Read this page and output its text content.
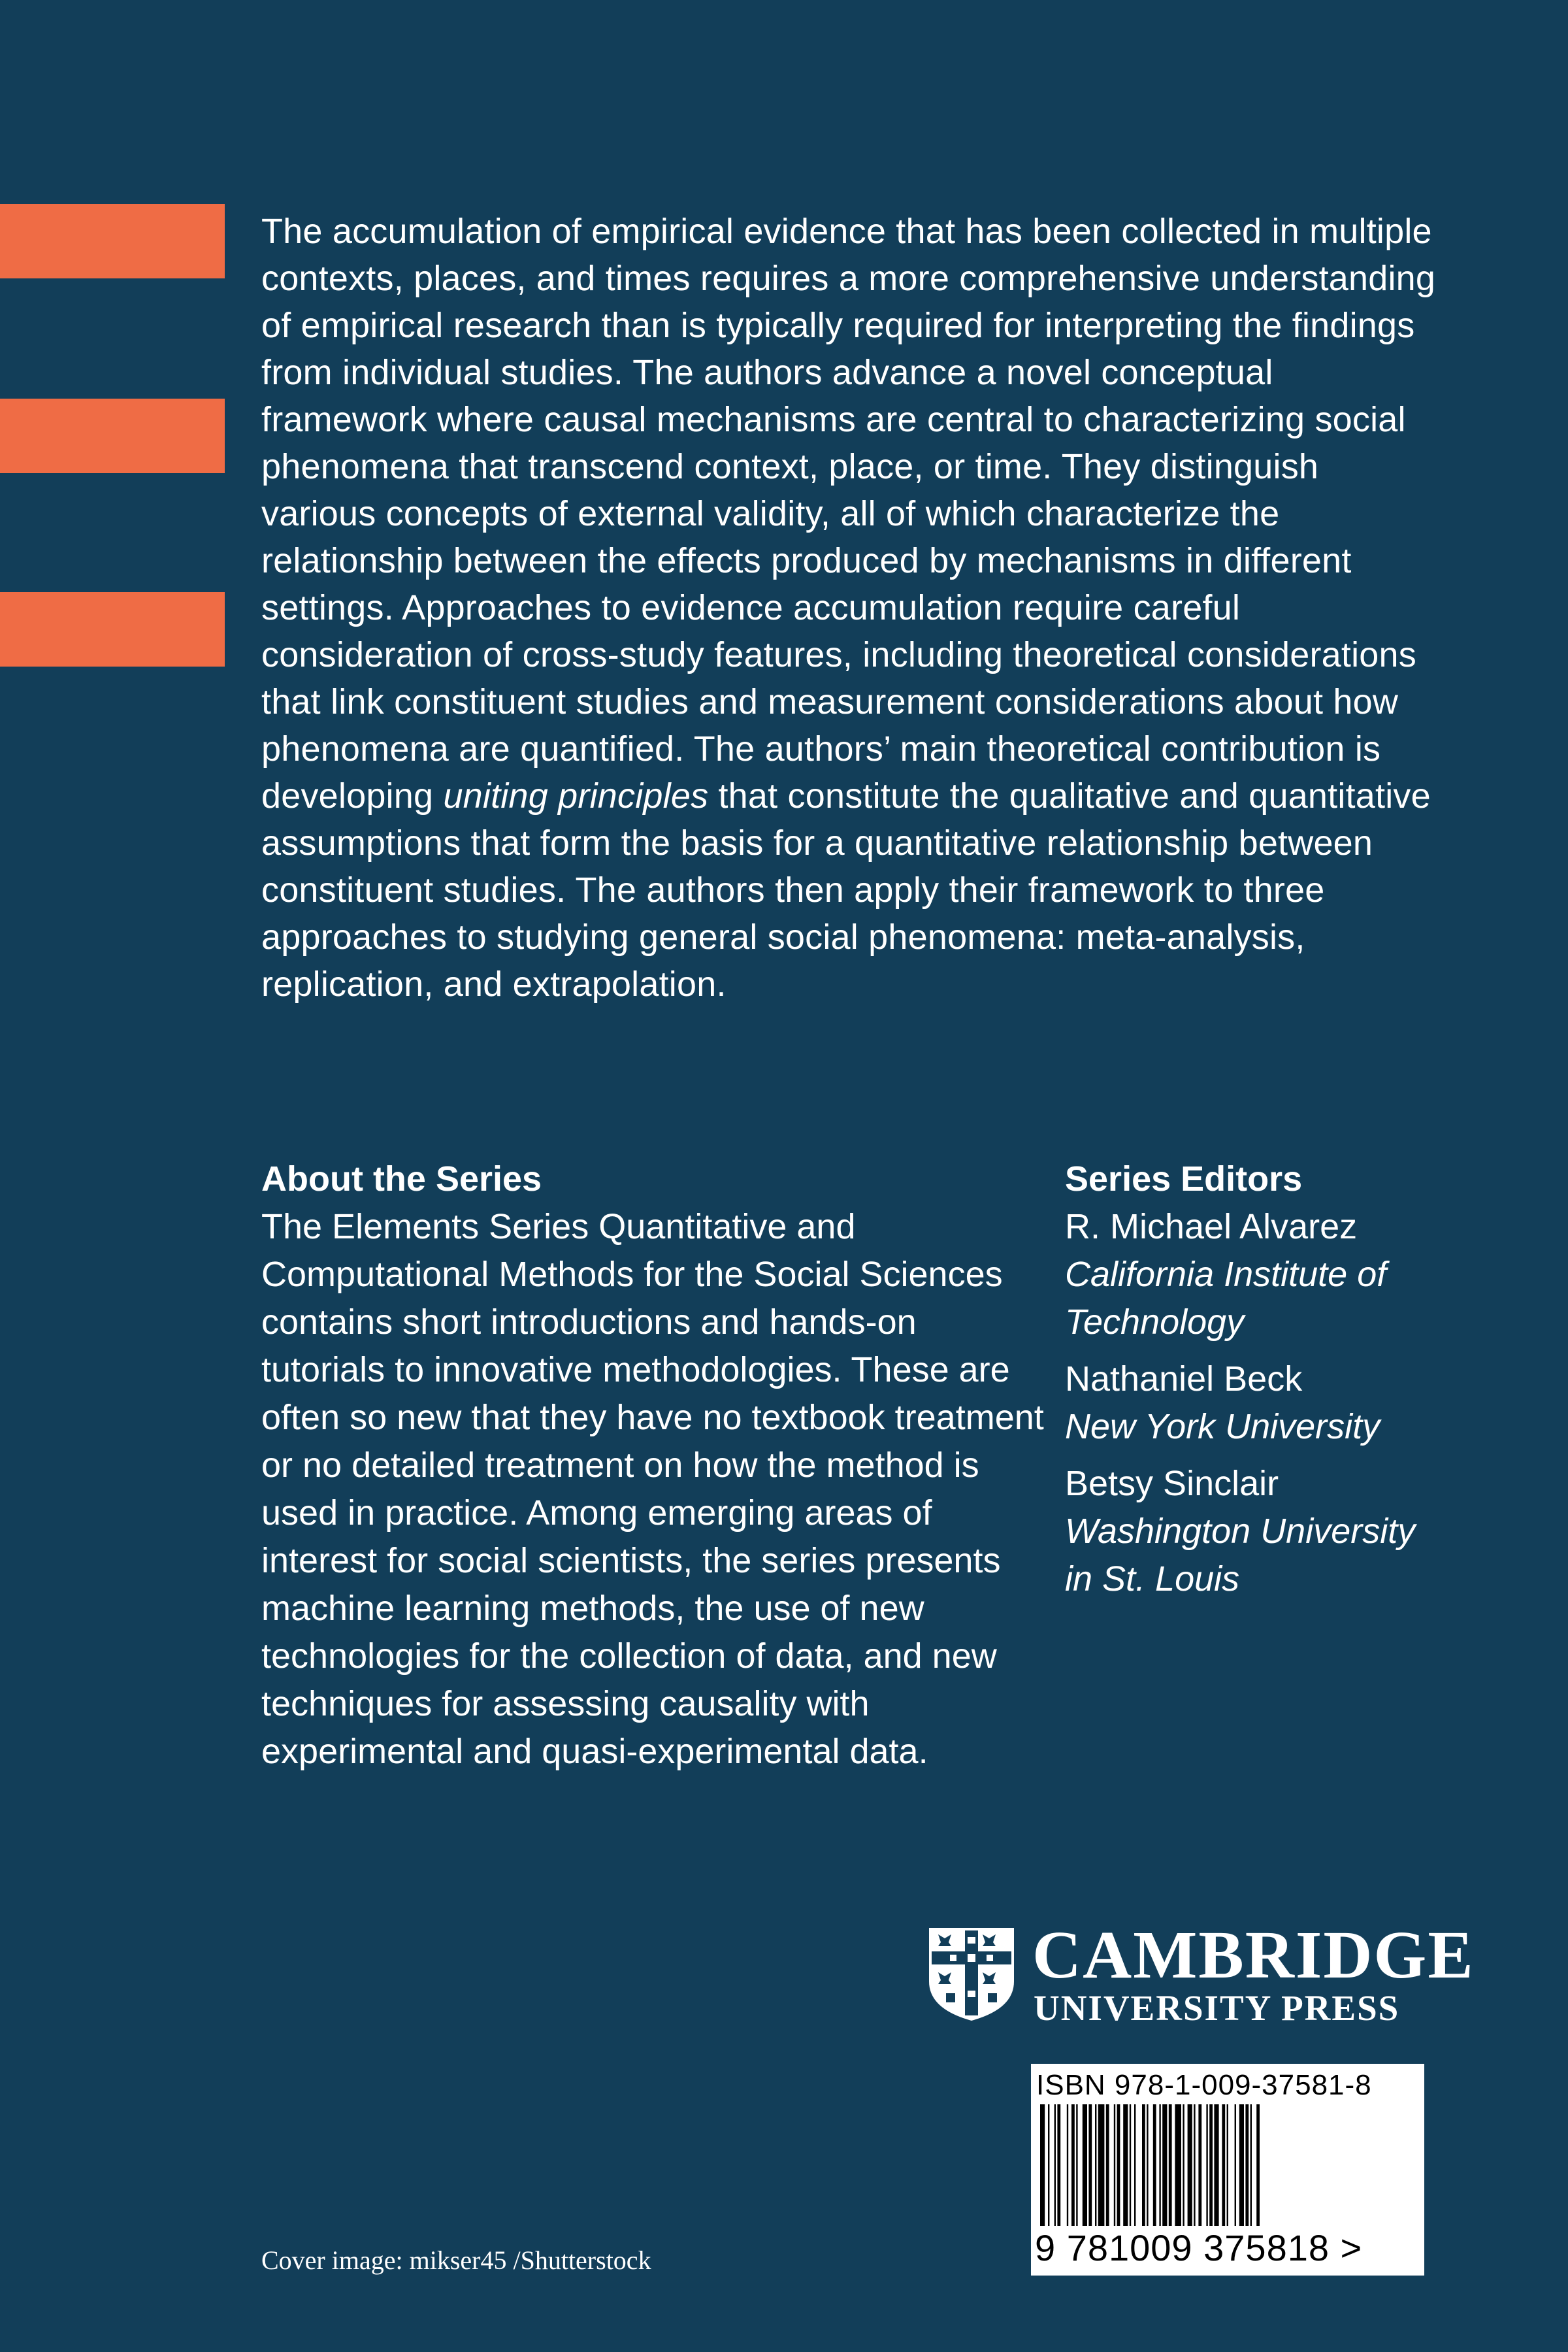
The accumulation of empirical evidence that has been collected in multiple contexts, places, and times requires a more comprehensive understanding of empirical research than is typically required for interpreting the findings from individual studies. The authors advance a novel conceptual framework where causal mechanisms are central to characterizing social phenomena that transcend context, place, or time. They distinguish various concepts of external validity, all of which characterize the relationship between the effects produced by mechanisms in different settings. Approaches to evidence accumulation require careful consideration of cross-study features, including theoretical considerations that link constituent studies and measurement considerations about how phenomena are quantified. The authors’ main theoretical contribution is developing uniting principles that constitute the qualitative and quantitative assumptions that form the basis for a quantitative relationship between constituent studies. The authors then apply their framework to three approaches to studying general social phenomena: meta-analysis, replication, and extrapolation.
About the Series
The Elements Series Quantitative and Computational Methods for the Social Sciences contains short introductions and hands-on tutorials to innovative methodologies. These are often so new that they have no textbook treatment or no detailed treatment on how the method is used in practice. Among emerging areas of interest for social scientists, the series presents machine learning methods, the use of new technologies for the collection of data, and new techniques for assessing causality with experimental and quasi-experimental data.
Series Editors
R. Michael Alvarez
California Institute of Technology
Nathaniel Beck
New York University
Betsy Sinclair
Washington University in St. Louis
CAMBRIDGE
UNIVERSITY PRESS
ISBN 978-1-009-37581-8
9 781009 375818 >
Cover image: mikser45 /Shutterstock
